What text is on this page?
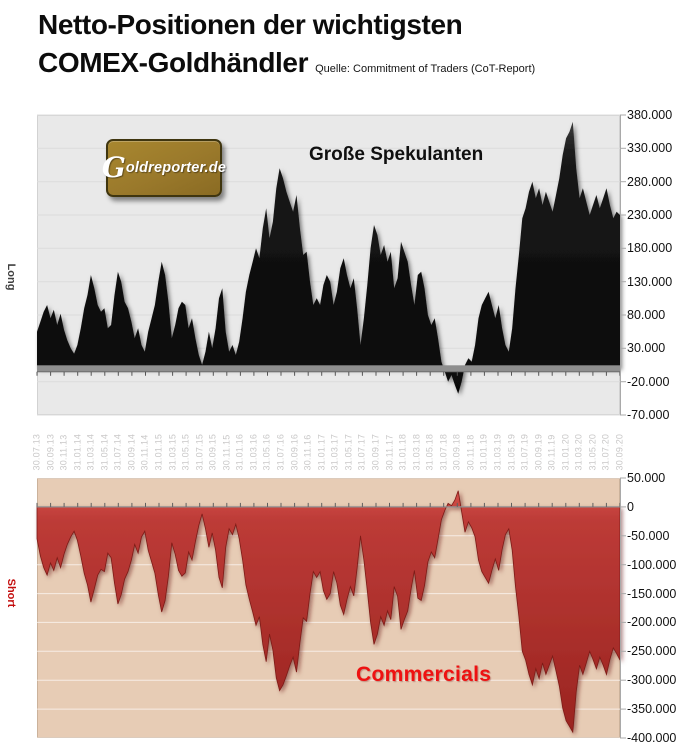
Netto-Positionen der wichtigsten
COMEX-Goldhändler Quelle: Commitment of Traders (CoT-Report)
Long
Short
G oldreporter.de
Große Spekulanten
Commercials
380.000
330.000
280.000
230.000
180.000
130.000
80.000
30.000
-20.000
-70.000
50.000
0
-50.000
-100.000
-150.000
-200.000
-250.000
-300.000
-350.000
-400.000
30.07.13 30.09.13 30.11.13 31.01.14 31.03.14 31.05.14 31.07.14 30.09.14 30.11.14 31.01.15 31.03.15 31.05.15 31.07.15 30.09.15 30.11.15 31.01.16 31.03.16 31.05.16 31.07.16 30.09.16 30.11.16 31.01.17 31.03.17 31.05.17 31.07.17 30.09.17 30.11.17 31.01.18 31.03.18 31.05.18 31.07.18 30.09.18 30.11.18 31.01.19 31.03.19 31.05.19 31.07.19 30.09.19 30.11.19 31.01.20 31.03.20 31.05.20 31.07.20 30.09.20
